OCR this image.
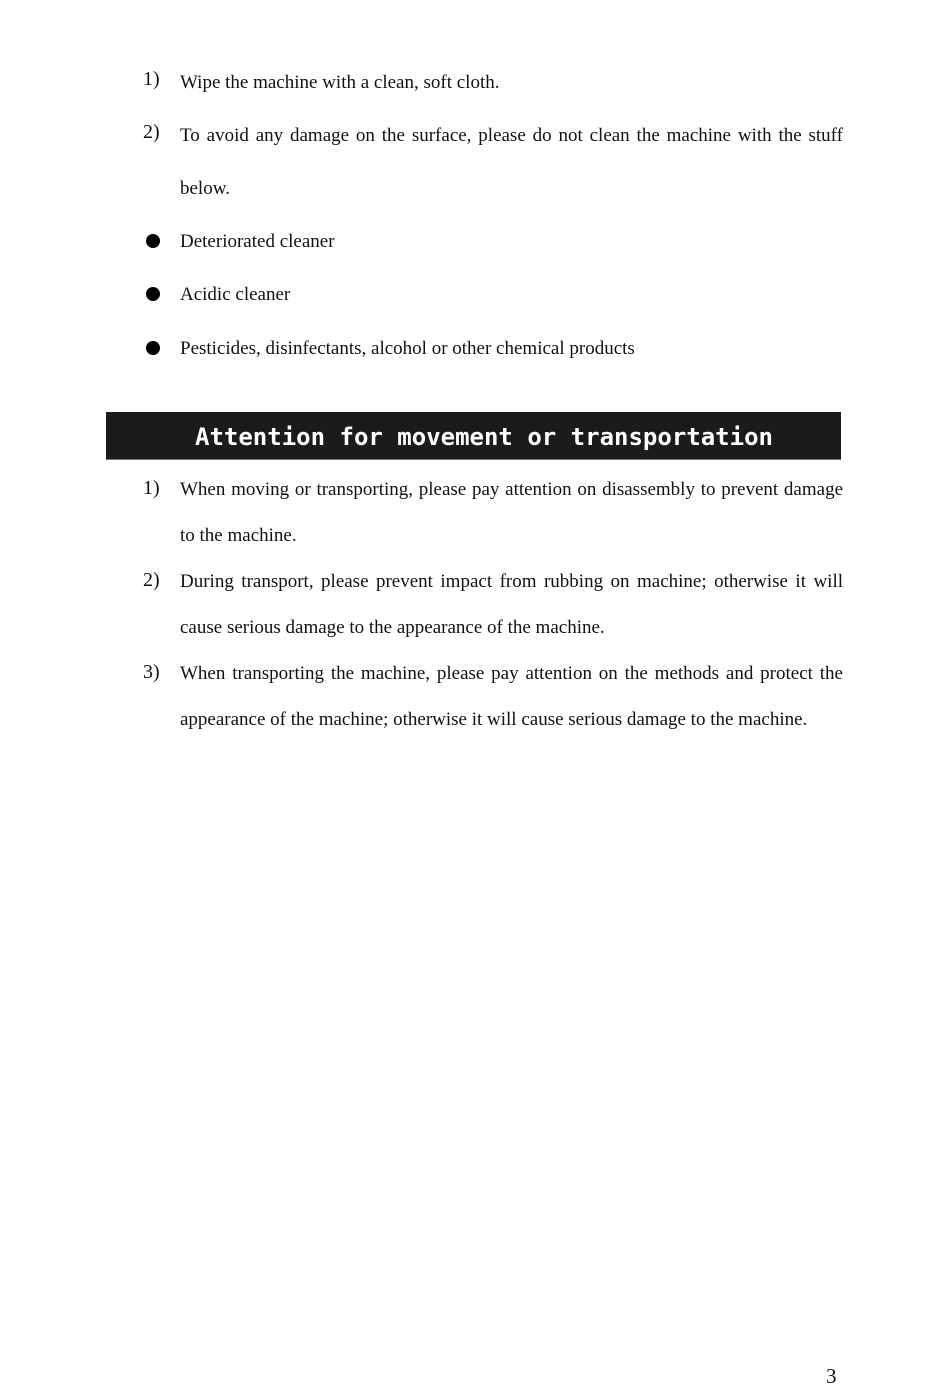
1)	Wipe the machine with a clean, soft cloth.
2)	To avoid any damage on the surface, please do not clean the machine with the stuff below.
Deteriorated cleaner
Acidic cleaner
Pesticides, disinfectants, alcohol or other chemical products
Attention for movement or transportation
1)	When moving or transporting, please pay attention on disassembly to prevent damage to the machine.
2)	During transport, please prevent impact from rubbing on machine; otherwise it will cause serious damage to the appearance of the machine.
3)	When transporting the machine, please pay attention on the methods and protect the appearance of the machine; otherwise it will cause serious damage to the machine.
3
